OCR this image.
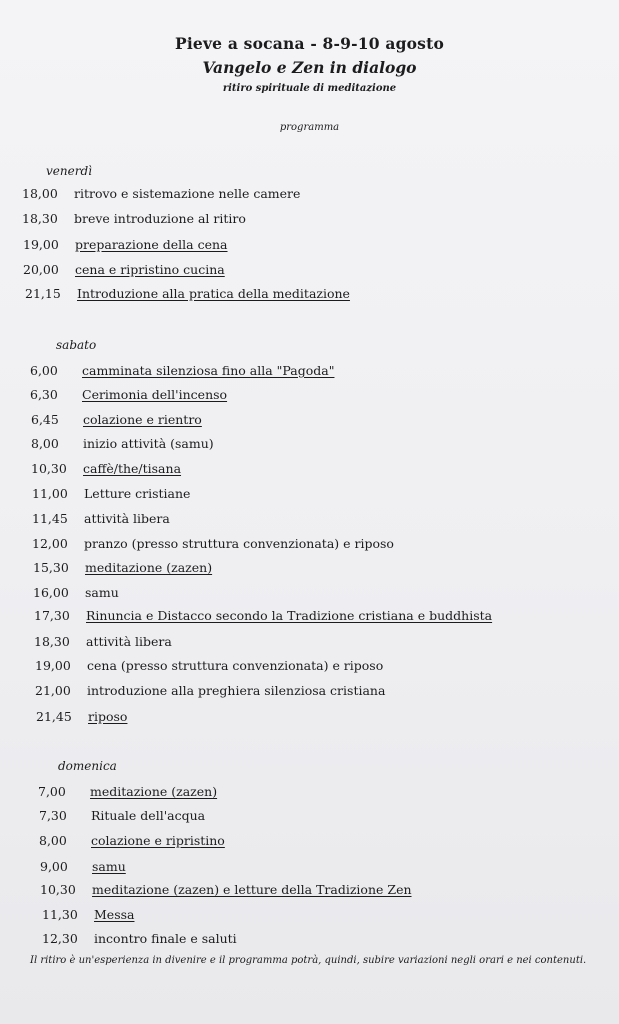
Pieve a socana - 8-9-10 agosto
Vangelo e Zen in dialogo
ritiro spirituale di meditazione
programma
venerdì
18,00 ritrovo e sistemazione nelle camere
18,30 breve introduzione al ritiro
19,00 preparazione della cena
20,00 cena e ripristino cucina
21,15 Introduzione alla pratica della meditazione
sabato
6,00 camminata silenziosa fino alla "Pagoda"
6,30 Cerimonia dell'incenso
6,45 colazione e rientro
8,00 inizio attività (samu)
10,30 caffè/the/tisana
11,00 Letture cristiane
11,45 attività libera
12,00 pranzo (presso struttura convenzionata) e riposo
15,30 meditazione (zazen)
16,00 samu
17,30 Rinuncia e Distacco secondo la Tradizione cristiana e buddhista
18,30 attività libera
19,00 cena (presso struttura convenzionata) e riposo
21,00 introduzione alla preghiera silenziosa cristiana
21,45 riposo
domenica
7,00 meditazione (zazen)
7,30 Rituale dell'acqua
8,00 colazione e ripristino
9,00 samu
10,30 meditazione (zazen) e letture della Tradizione Zen
11,30 Messa
12,30 incontro finale e saluti
Il ritiro è un'esperienza in divenire e il programma potrà, quindi, subire variazioni negli orari e nei contenuti.
